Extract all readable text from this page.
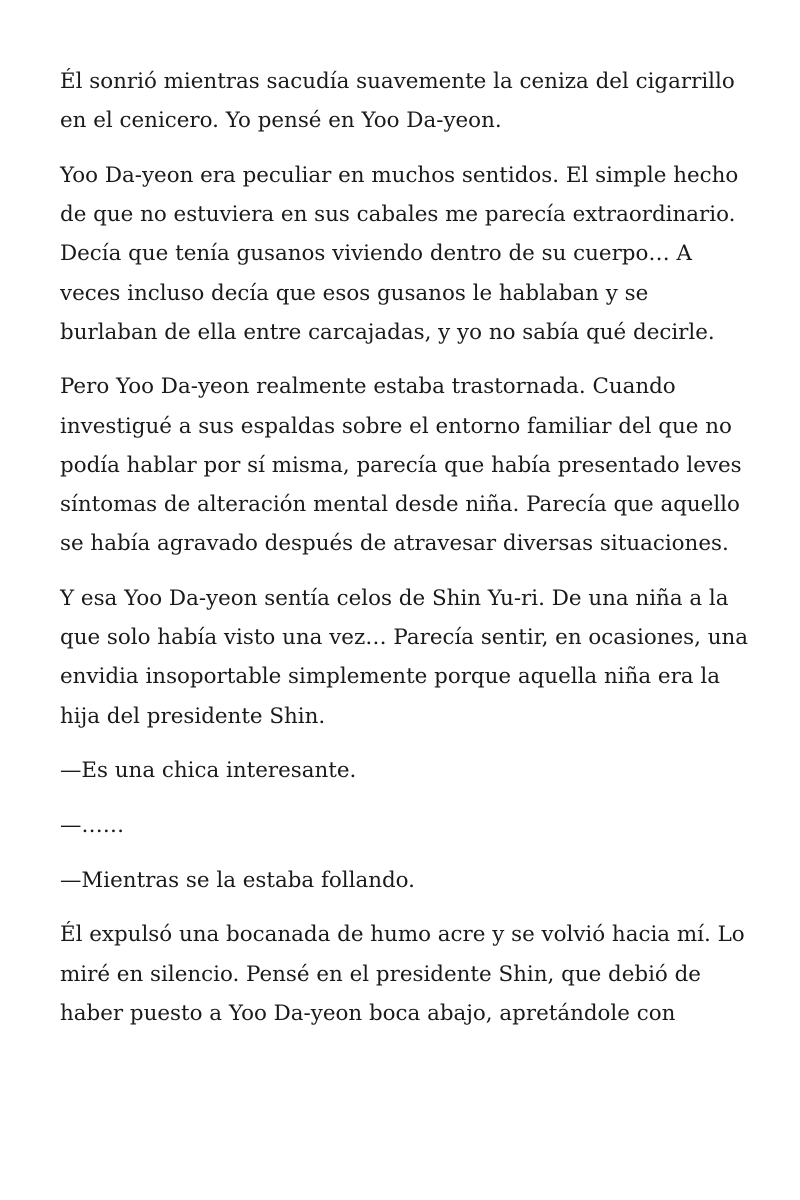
Él sonrió mientras sacudía suavemente la ceniza del cigarrillo en el cenicero. Yo pensé en Yoo Da-yeon.

Yoo Da-yeon era peculiar en muchos sentidos. El simple hecho de que no estuviera en sus cabales me parecía extraordinario. Decía que tenía gusanos viviendo dentro de su cuerpo… A veces incluso decía que esos gusanos le hablaban y se burlaban de ella entre carcajadas, y yo no sabía qué decirle.

Pero Yoo Da-yeon realmente estaba trastornada. Cuando investigué a sus espaldas sobre el entorno familiar del que no podía hablar por sí misma, parecía que había presentado leves síntomas de alteración mental desde niña. Parecía que aquello se había agravado después de atravesar diversas situaciones.

Y esa Yoo Da-yeon sentía celos de Shin Yu-ri. De una niña a la que solo había visto una vez… Parecía sentir, en ocasiones, una envidia insoportable simplemente porque aquella niña era la hija del presidente Shin.

—Es una chica interesante.

—……

—Mientras se la estaba follando.

Él expulsó una bocanada de humo acre y se volvió hacia mí. Lo miré en silencio. Pensé en el presidente Shin, que debió de haber puesto a Yoo Da-yeon boca abajo, apretándole con
